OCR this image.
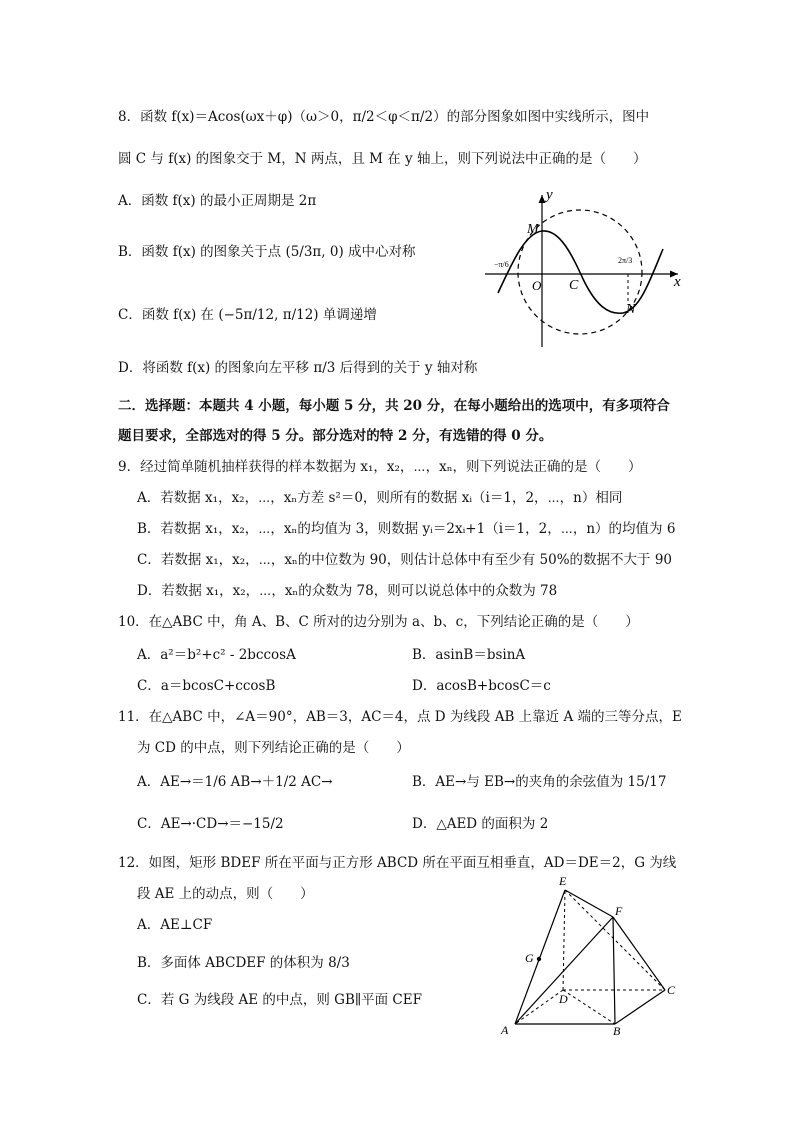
8．函数 f(x)＝Acos(ωx＋φ)（ω＞0，π/2＜φ＜π/2）的部分图象如图中实线所示，图中
圆 C 与 f(x) 的图象交于 M，N 两点，且 M 在 y 轴上，则下列说法中正确的是（　　）
A．函数 f(x) 的最小正周期是 2π
B．函数 f(x) 的图象关于点 (5/3π, 0) 成中心对称
C．函数 f(x) 在 (−5π/12, π/12) 单调递增
D．将函数 f(x) 的图象向左平移 π/3 后得到的关于 y 轴对称
y
x
M
N
O C
−π/6	2π/3
二．选择题：本题共 4 小题，每小题 5 分，共 20 分，在每小题给出的选项中，有多项符合
题目要求，全部选对的得 5 分。部分选对的特 2 分，有选错的得 0 分。
9．经过简单随机抽样获得的样本数据为 x₁，x₂，⋯，xₙ，则下列说法正确的是（　　）
A．若数据 x₁，x₂，⋯，xₙ方差 s²＝0，则所有的数据 xᵢ（i＝1，2，⋯，n）相同
B．若数据 x₁，x₂，⋯，xₙ的均值为 3，则数据 yᵢ＝2xᵢ+1（i＝1，2，⋯，n）的均值为 6
C．若数据 x₁，x₂，⋯，xₙ的中位数为 90，则估计总体中有至少有 50%的数据不大于 90
D．若数据 x₁，x₂，⋯，xₙ的众数为 78，则可以说总体中的众数为 78
10．在△ABC 中，角 A、B、C 所对的边分别为 a、b、c，下列结论正确的是（　　）
A．a²＝b²+c² - 2bccosA	B．asinB＝bsinA
C．a＝bcosC+ccosB	D．acosB+bcosC＝c
11．在△ABC 中，∠A＝90°，AB＝3，AC＝4，点 D 为线段 AB 上靠近 A 端的三等分点，E
为 CD 的中点，则下列结论正确的是（　　）
A．AE→＝1/6 AB→＋1/2 AC→	B．AE→与 EB→的夹角的余弦值为 15/17
C．AE→·CD→＝−15/2	D．△AED 的面积为 2
12．如图，矩形 BDEF 所在平面与正方形 ABCD 所在平面互相垂直，AD＝DE＝2，G 为线
段 AE 上的动点，则（　　）
A．AE⊥CF
B．多面体 ABCDEF 的体积为 8/3
C．若 G 为线段 AE 的中点，则 GB∥平面 CEF
E
F
G
D
C
A	B
